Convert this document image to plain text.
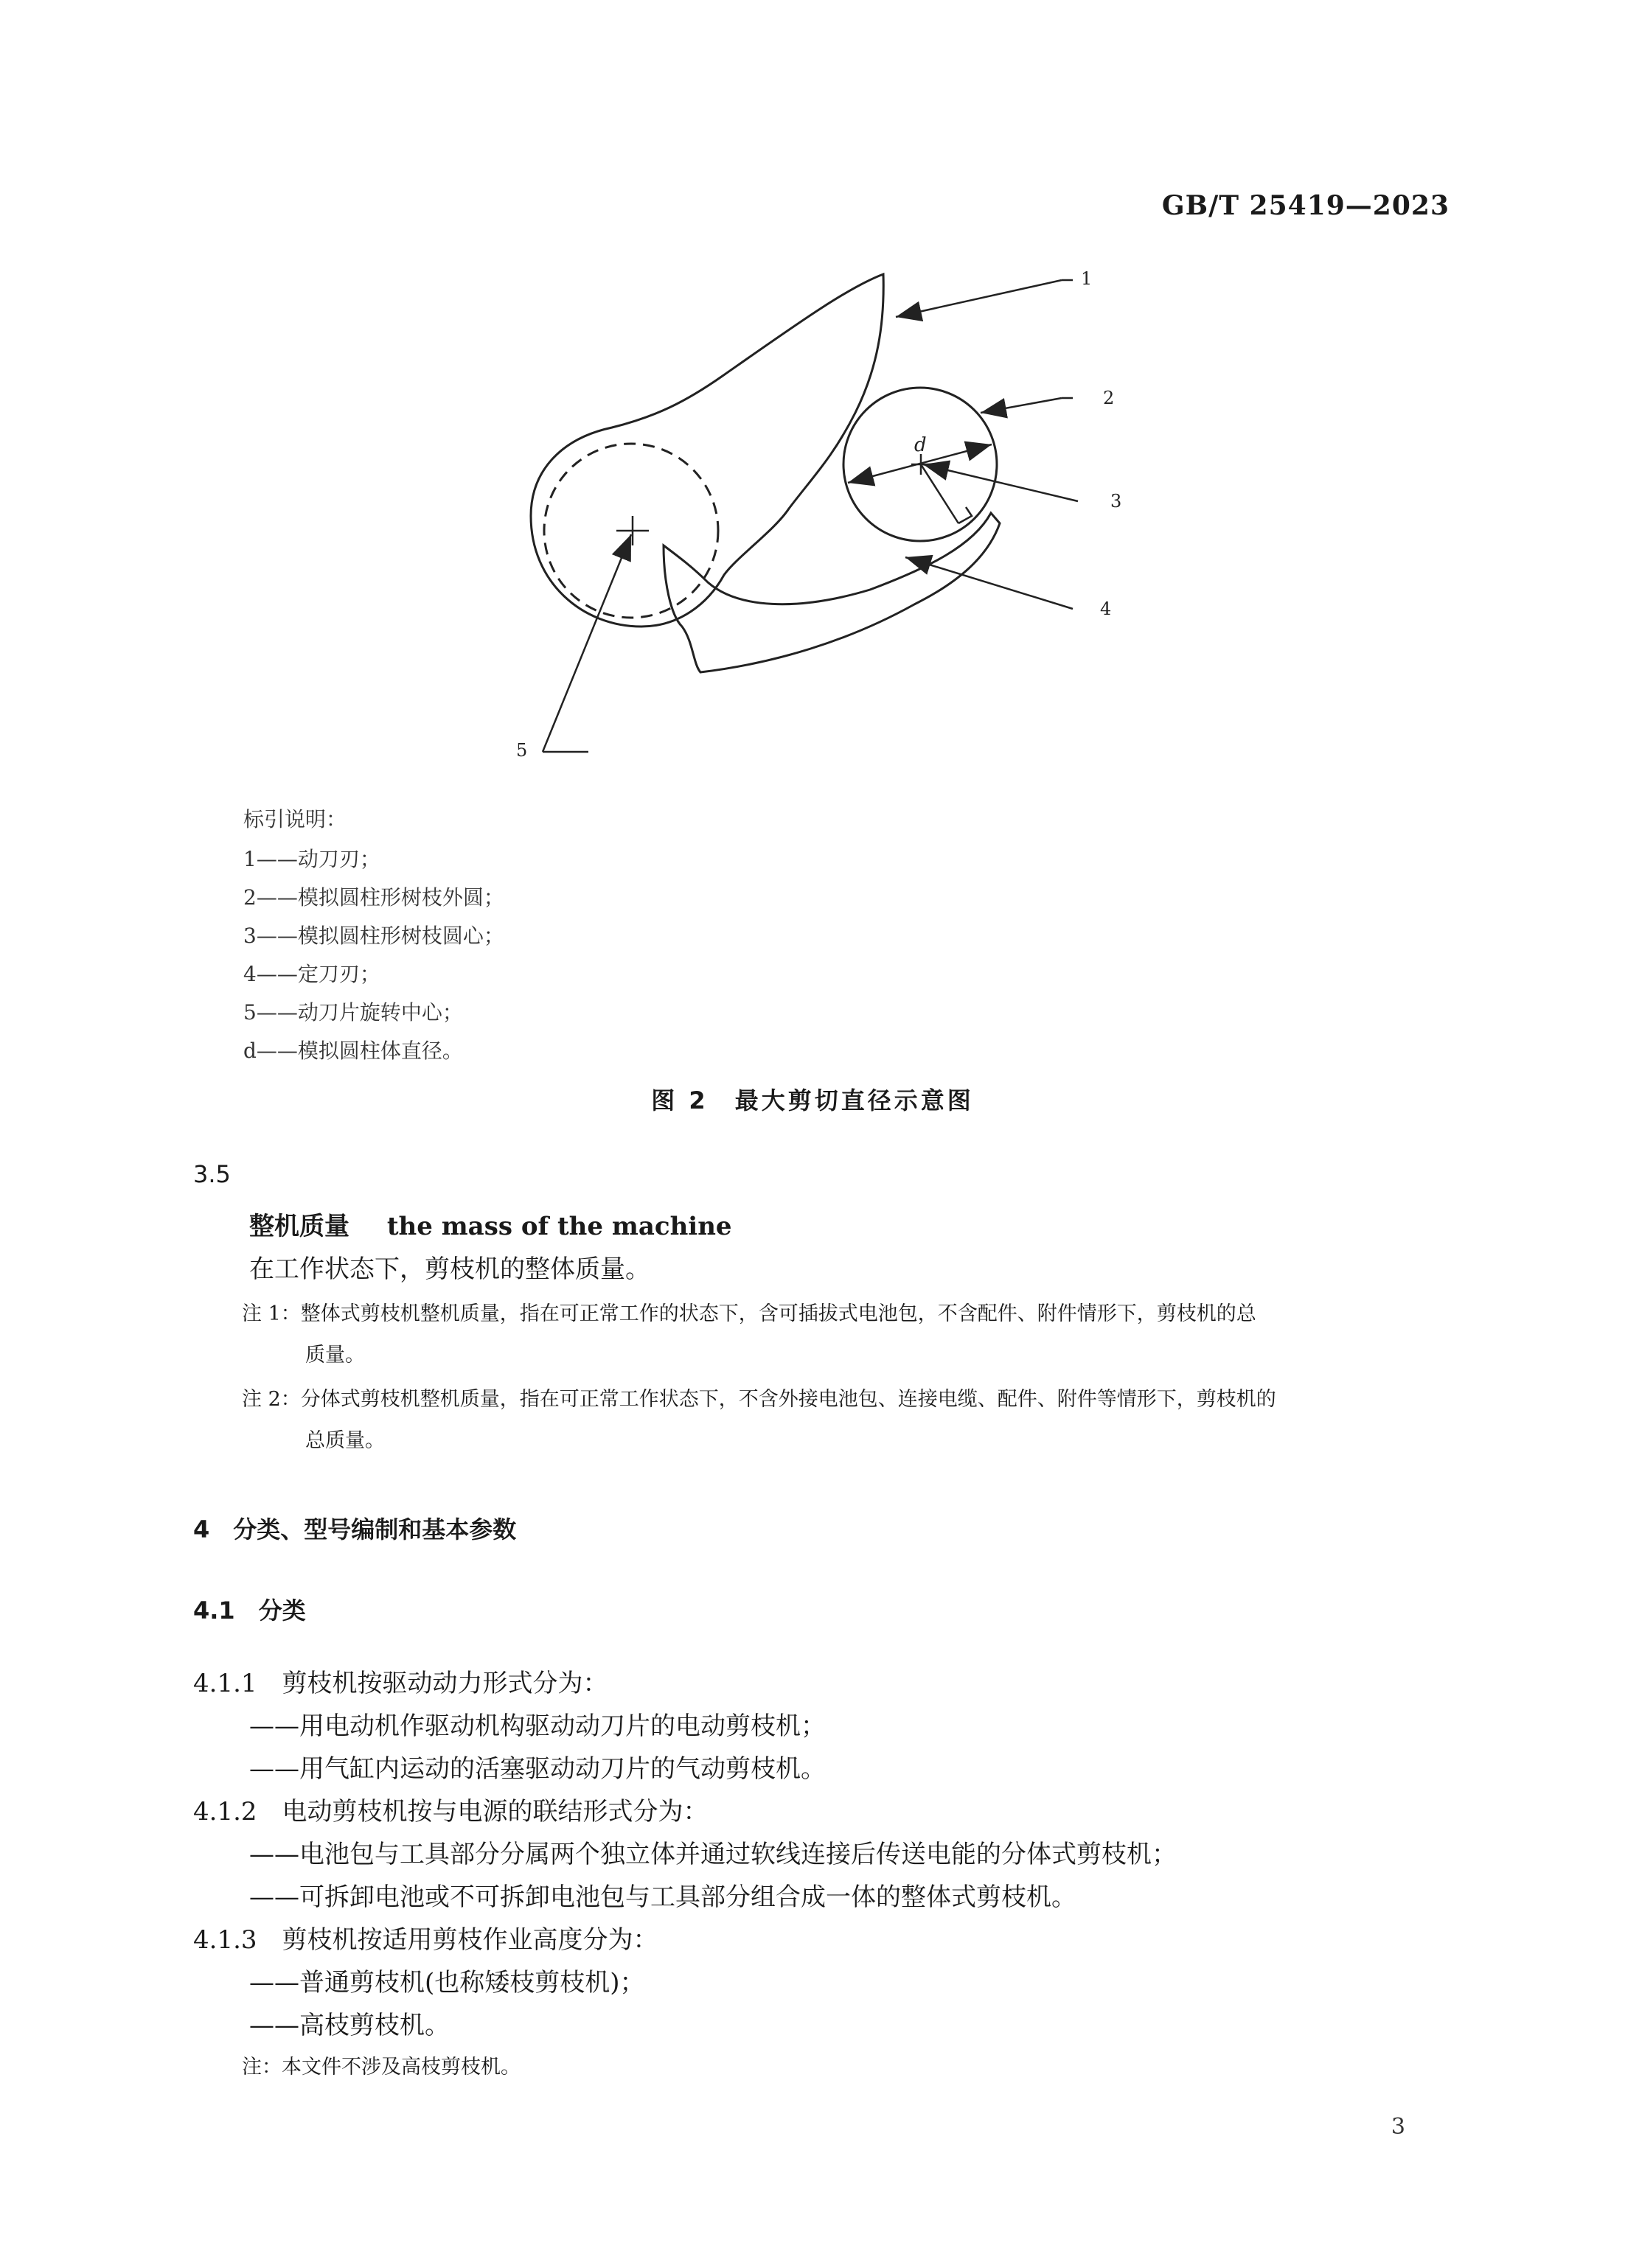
GB/T 25419—2023
d
1
2
3
4
5
标引说明：
1——动刀刃；
2——模拟圆柱形树枝外圆；
3——模拟圆柱形树枝圆心；
4——定刀刃；
5——动刀片旋转中心；
d——模拟圆柱体直径。
图 2　最大剪切直径示意图
3.5
整机质量 the mass of the machine
在工作状态下，剪枝机的整体质量。
注 1：整体式剪枝机整机质量，指在可正常工作的状态下，含可插拔式电池包，不含配件、附件情形下，剪枝机的总
质量。
注 2：分体式剪枝机整机质量，指在可正常工作状态下，不含外接电池包、连接电缆、配件、附件等情形下，剪枝机的
总质量。
4　分类、型号编制和基本参数
4.1　分类
4.1.1　剪枝机按驱动动力形式分为：
——用电动机作驱动机构驱动动刀片的电动剪枝机；
——用气缸内运动的活塞驱动动刀片的气动剪枝机。
4.1.2　电动剪枝机按与电源的联结形式分为：
——电池包与工具部分分属两个独立体并通过软线连接后传送电能的分体式剪枝机；
——可拆卸电池或不可拆卸电池包与工具部分组合成一体的整体式剪枝机。
4.1.3　剪枝机按适用剪枝作业高度分为：
——普通剪枝机(也称矮枝剪枝机)；
——高枝剪枝机。
注：本文件不涉及高枝剪枝机。
3
